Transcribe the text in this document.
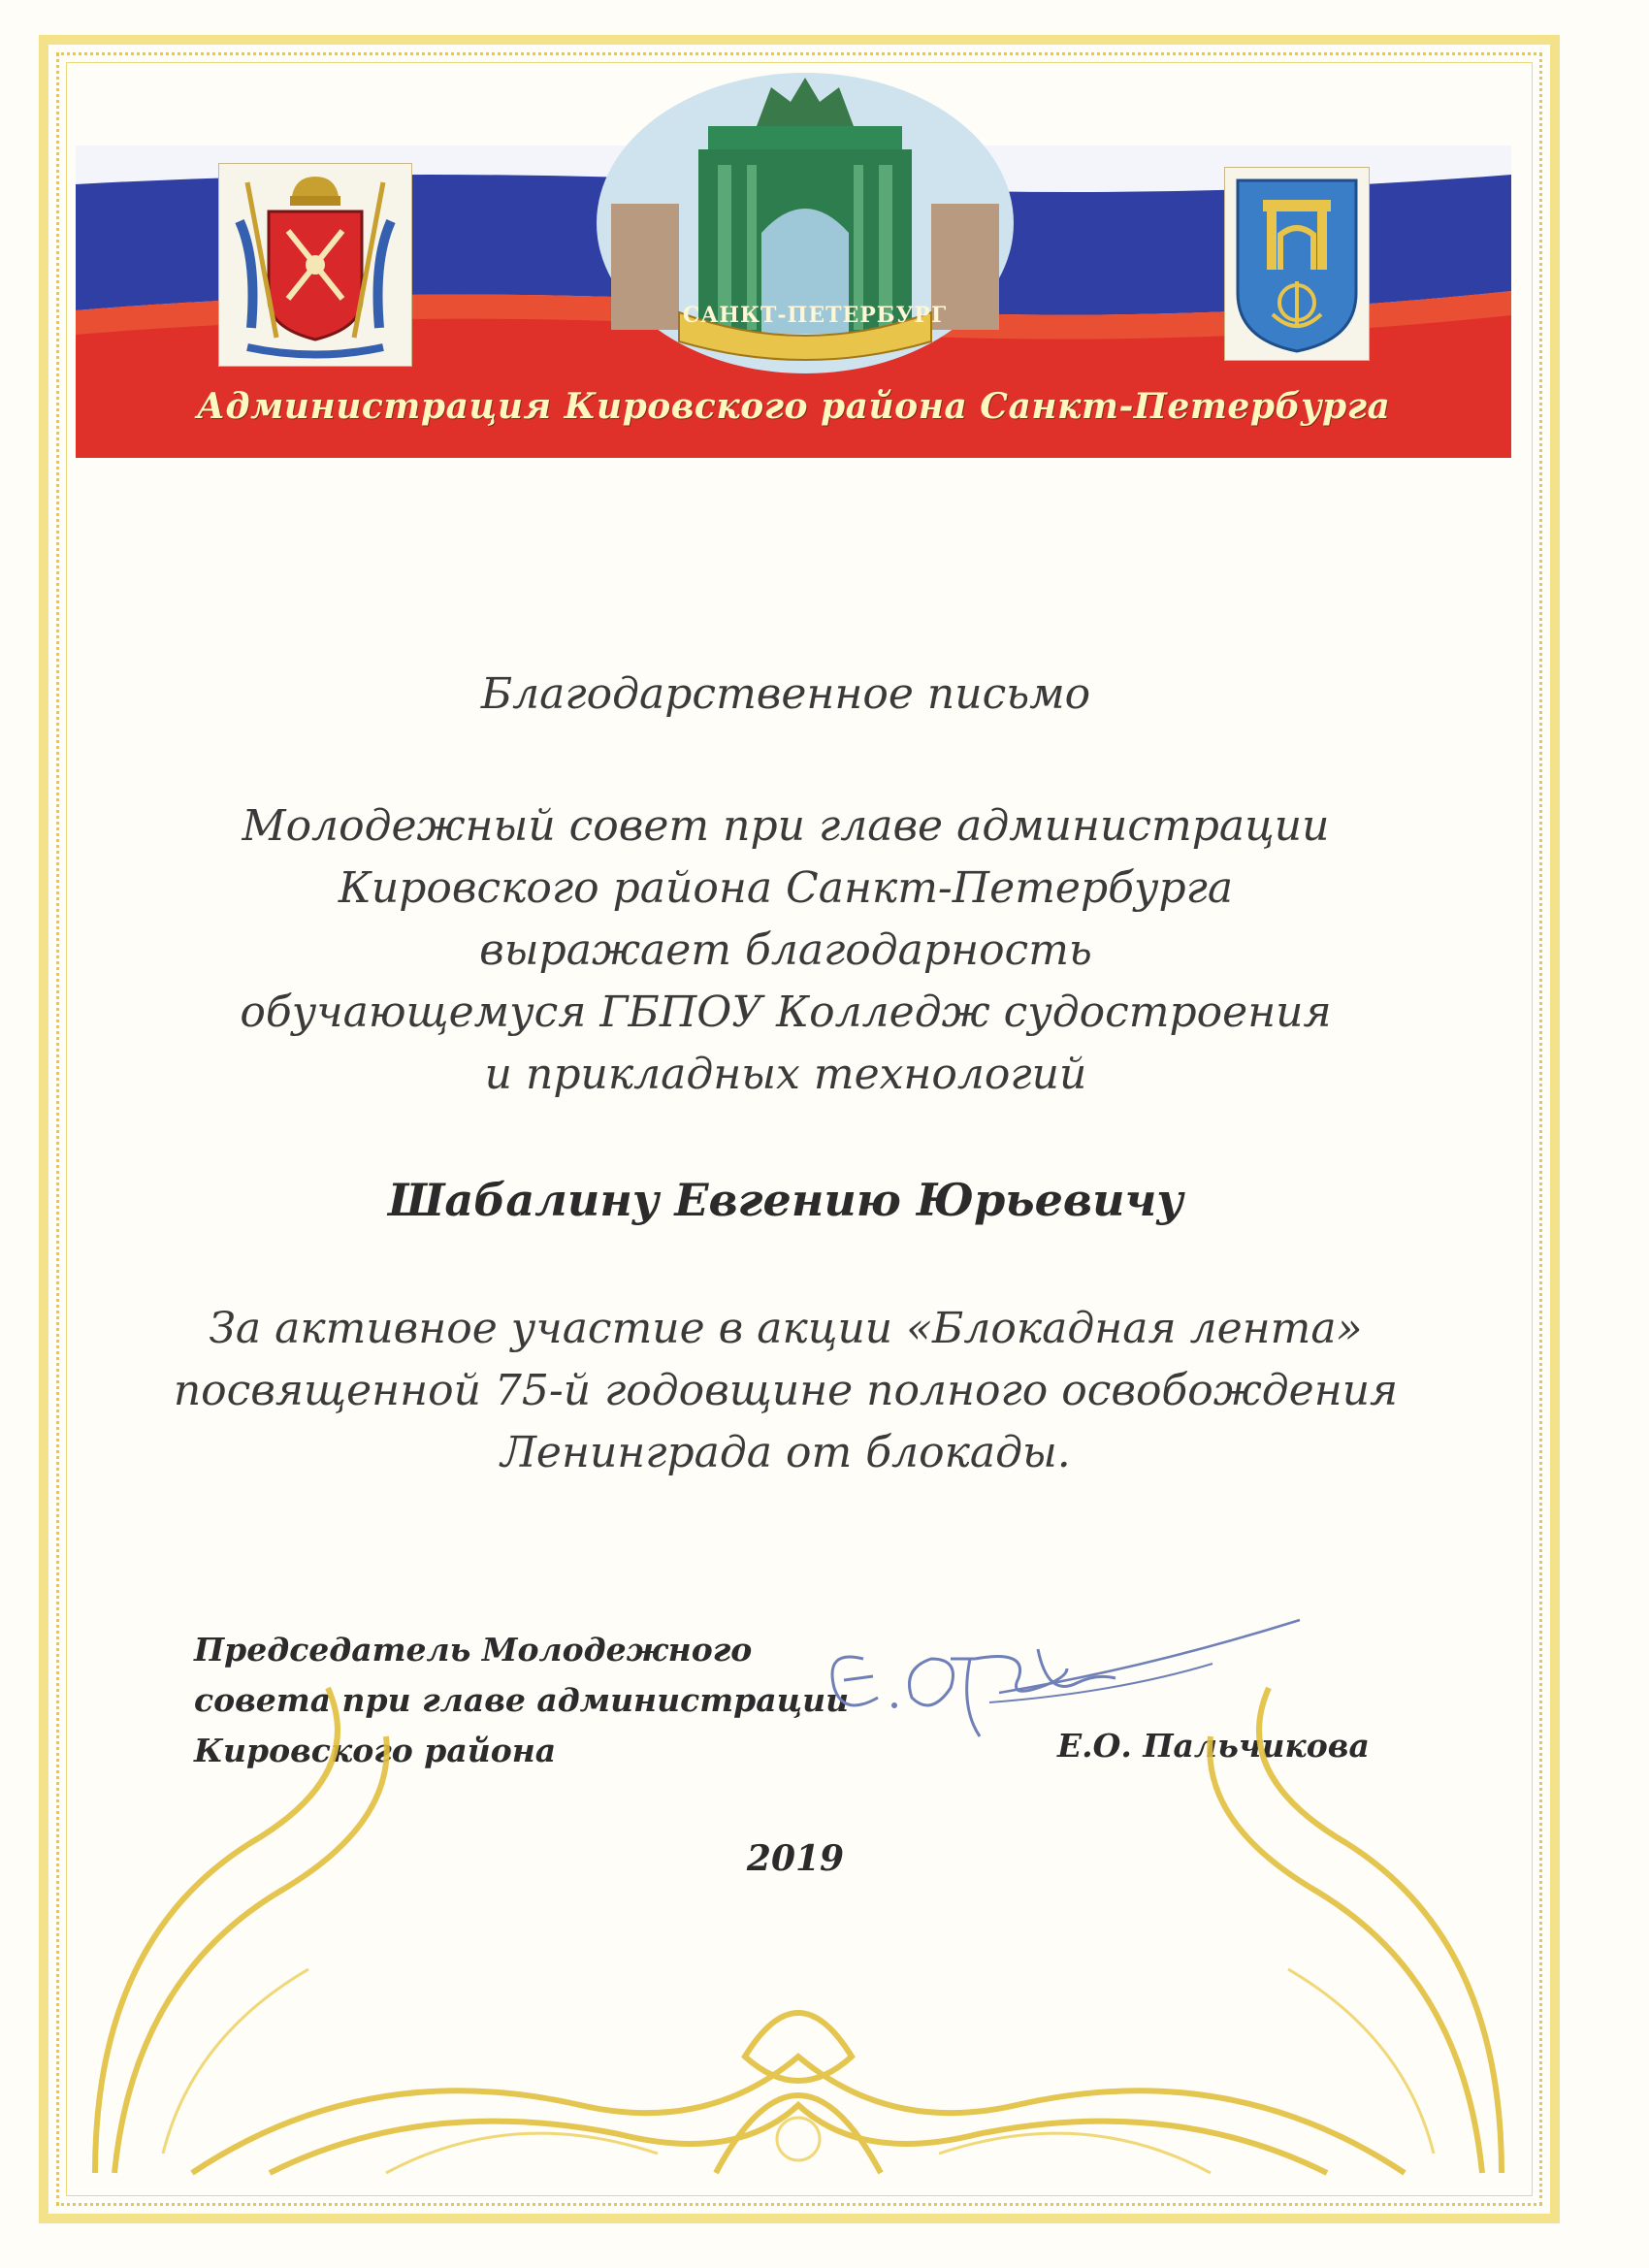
САНКТ-ПЕТЕРБУРГ
Администрация Кировского района Санкт-Петербурга
Благодарственное письмо
Молодежный совет при главе администрации
Кировского района Санкт-Петербурга
выражает благодарность
обучающемуся ГБПОУ Колледж судостроения
и прикладных технологий
Шабалину Евгению Юрьевичу
За активное участие в акции «Блокадная лента»
посвященной 75-й годовщине полного освобождения
Ленинграда от блокады.
Председатель Молодежного
совета при главе администрации
Кировского района	Е.О. Пальчикова
2019
